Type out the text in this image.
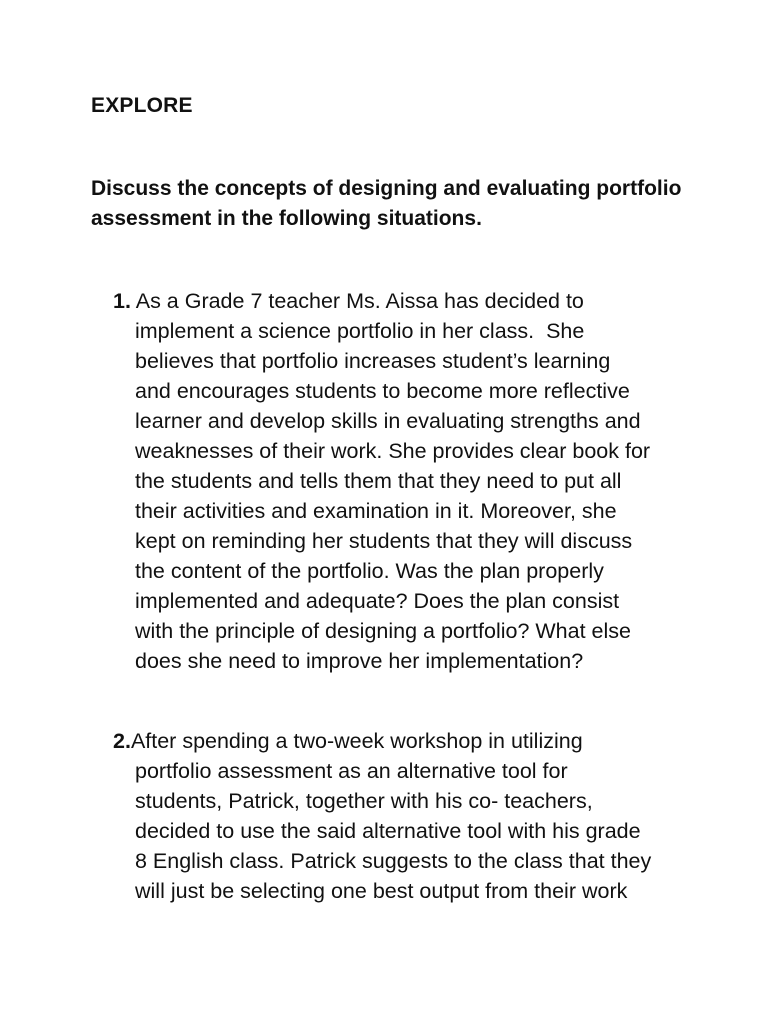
EXPLORE

Discuss the concepts of designing and evaluating portfolio assessment in the following situations.

1. As a Grade 7 teacher Ms. Aissa has decided to
implement a science portfolio in her class.  She
believes that portfolio increases student’s learning
and encourages students to become more reflective
learner and develop skills in evaluating strengths and
weaknesses of their work. She provides clear book for
the students and tells them that they need to put all
their activities and examination in it. Moreover, she
kept on reminding her students that they will discuss
the content of the portfolio. Was the plan properly
implemented and adequate? Does the plan consist
with the principle of designing a portfolio? What else
does she need to improve her implementation?
2. After spending a two-week workshop in utilizing
portfolio assessment as an alternative tool for
students, Patrick, together with his co- teachers,
decided to use the said alternative tool with his grade
8 English class. Patrick suggests to the class that they
will just be selecting one best output from their work
